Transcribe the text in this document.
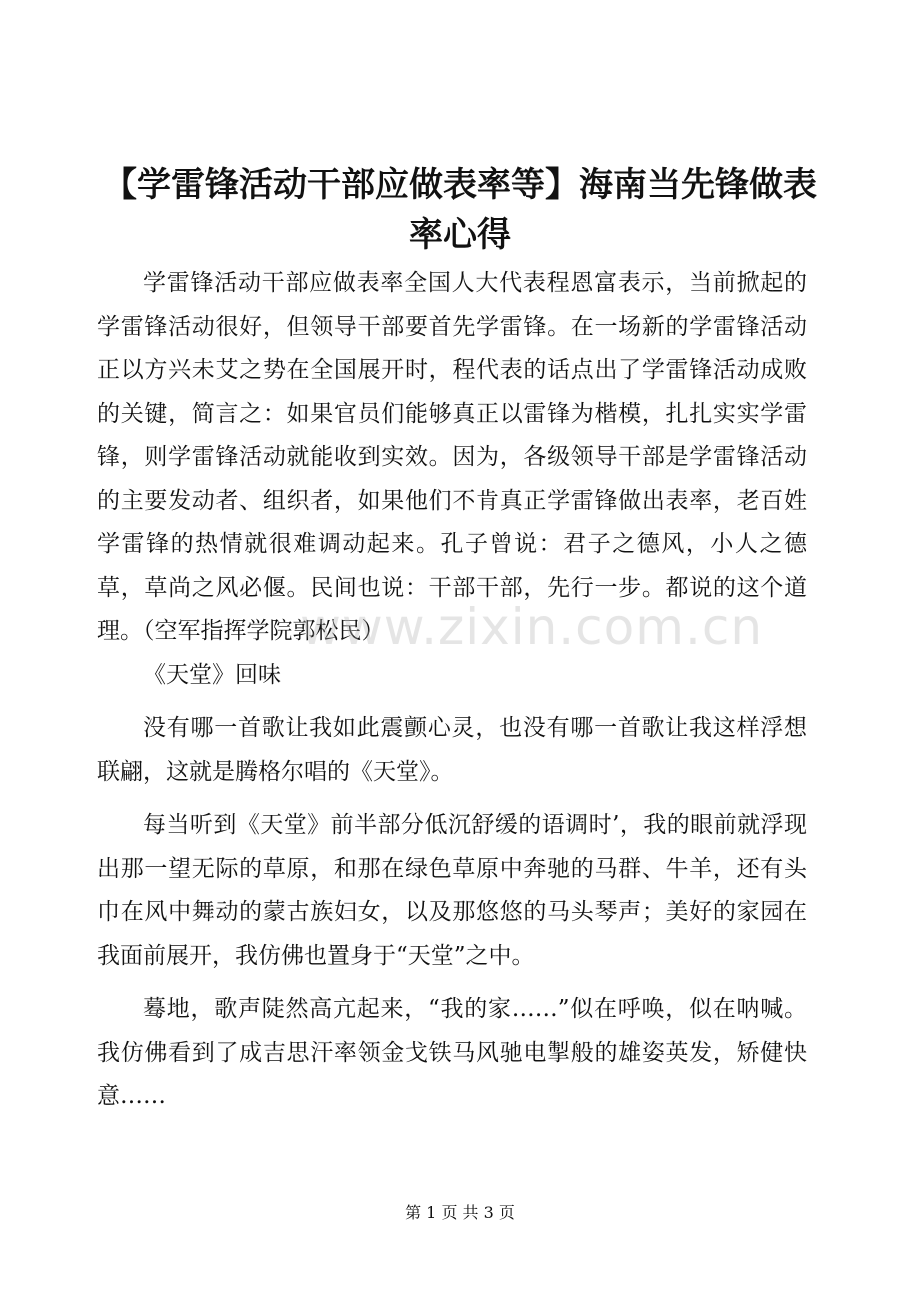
【学雷锋活动干部应做表率等】海南当先锋做表率心得

学雷锋活动干部应做表率全国人大代表程恩富表示，当前掀起的学雷锋活动很好，但领导干部要首先学雷锋。在一场新的学雷锋活动正以方兴未艾之势在全国展开时，程代表的话点出了学雷锋活动成败的关键，简言之：如果官员们能够真正以雷锋为楷模，扎扎实实学雷锋，则学雷锋活动就能收到实效。因为，各级领导干部是学雷锋活动的主要发动者、组织者，如果他们不肯真正学雷锋做出表率，老百姓学雷锋的热情就很难调动起来。孔子曾说：君子之德风，小人之德草，草尚之风必偃。民间也说：干部干部，先行一步。都说的这个道理。（空军指挥学院郭松民）

《天堂》回味

没有哪一首歌让我如此震颤心灵，也没有哪一首歌让我这样浮想联翩，这就是腾格尔唱的《天堂》。

每当听到《天堂》前半部分低沉舒缓的语调时’，我的眼前就浮现出那一望无际的草原，和那在绿色草原中奔驰的马群、牛羊，还有头巾在风中舞动的蒙古族妇女，以及那悠悠的马头琴声；美好的家园在我面前展开，我仿佛也置身于“天堂”之中。

蓦地，歌声陡然高亢起来，“我的家……”似在呼唤，似在呐喊。我仿佛看到了成吉思汗率领金戈铁马风驰电掣般的雄姿英发，矫健快意……

www.zixin.com.cn
第 1 页 共 3 页
